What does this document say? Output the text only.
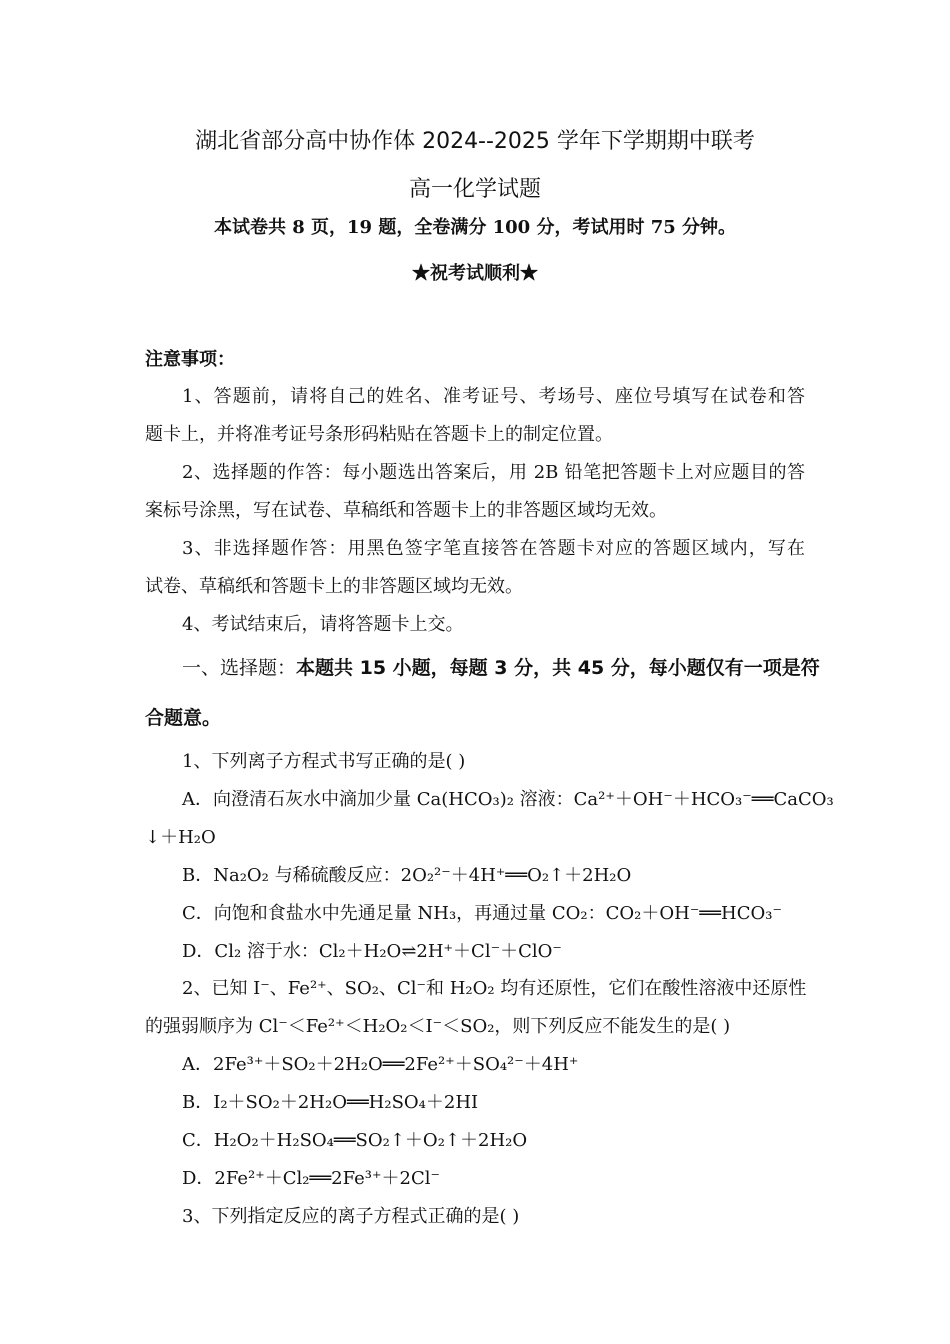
湖北省部分高中协作体 2024--2025 学年下学期期中联考
高一化学试题
本试卷共 8 页，19 题，全卷满分 100 分，考试用时 75 分钟。
★祝考试顺利★
注意事项：
1、答题前，请将自己的姓名、准考证号、考场号、座位号填写在试卷和答
题卡上，并将准考证号条形码粘贴在答题卡上的制定位置。
2、选择题的作答：每小题选出答案后，用 2B 铅笔把答题卡上对应题目的答
案标号涂黑，写在试卷、草稿纸和答题卡上的非答题区域均无效。
3、非选择题作答：用黑色签字笔直接答在答题卡对应的答题区域内，写在
试卷、草稿纸和答题卡上的非答题区域均无效。
4、考试结束后，请将答题卡上交。
一、选择题：本题共 15 小题，每题 3 分，共 45 分，每小题仅有一项是符
合题意。
1、下列离子方程式书写正确的是( )
A．向澄清石灰水中滴加少量 Ca(HCO₃)₂ 溶液：Ca²⁺＋OH⁻＋HCO₃⁻══CaCO₃
↓＋H₂O
B．Na₂O₂ 与稀硫酸反应：2O₂²⁻＋4H⁺══O₂↑＋2H₂O
C．向饱和食盐水中先通足量 NH₃，再通过量 CO₂：CO₂＋OH⁻══HCO₃⁻
D．Cl₂ 溶于水：Cl₂＋H₂O⇌2H⁺＋Cl⁻＋ClO⁻
2、已知 I⁻、Fe²⁺、SO₂、Cl⁻和 H₂O₂ 均有还原性，它们在酸性溶液中还原性
的强弱顺序为 Cl⁻＜Fe²⁺＜H₂O₂＜I⁻＜SO₂，则下列反应不能发生的是( )
A．2Fe³⁺＋SO₂＋2H₂O══2Fe²⁺＋SO₄²⁻＋4H⁺
B．I₂＋SO₂＋2H₂O══H₂SO₄＋2HI
C．H₂O₂＋H₂SO₄══SO₂↑＋O₂↑＋2H₂O
D．2Fe²⁺＋Cl₂══2Fe³⁺＋2Cl⁻
3、下列指定反应的离子方程式正确的是( )
